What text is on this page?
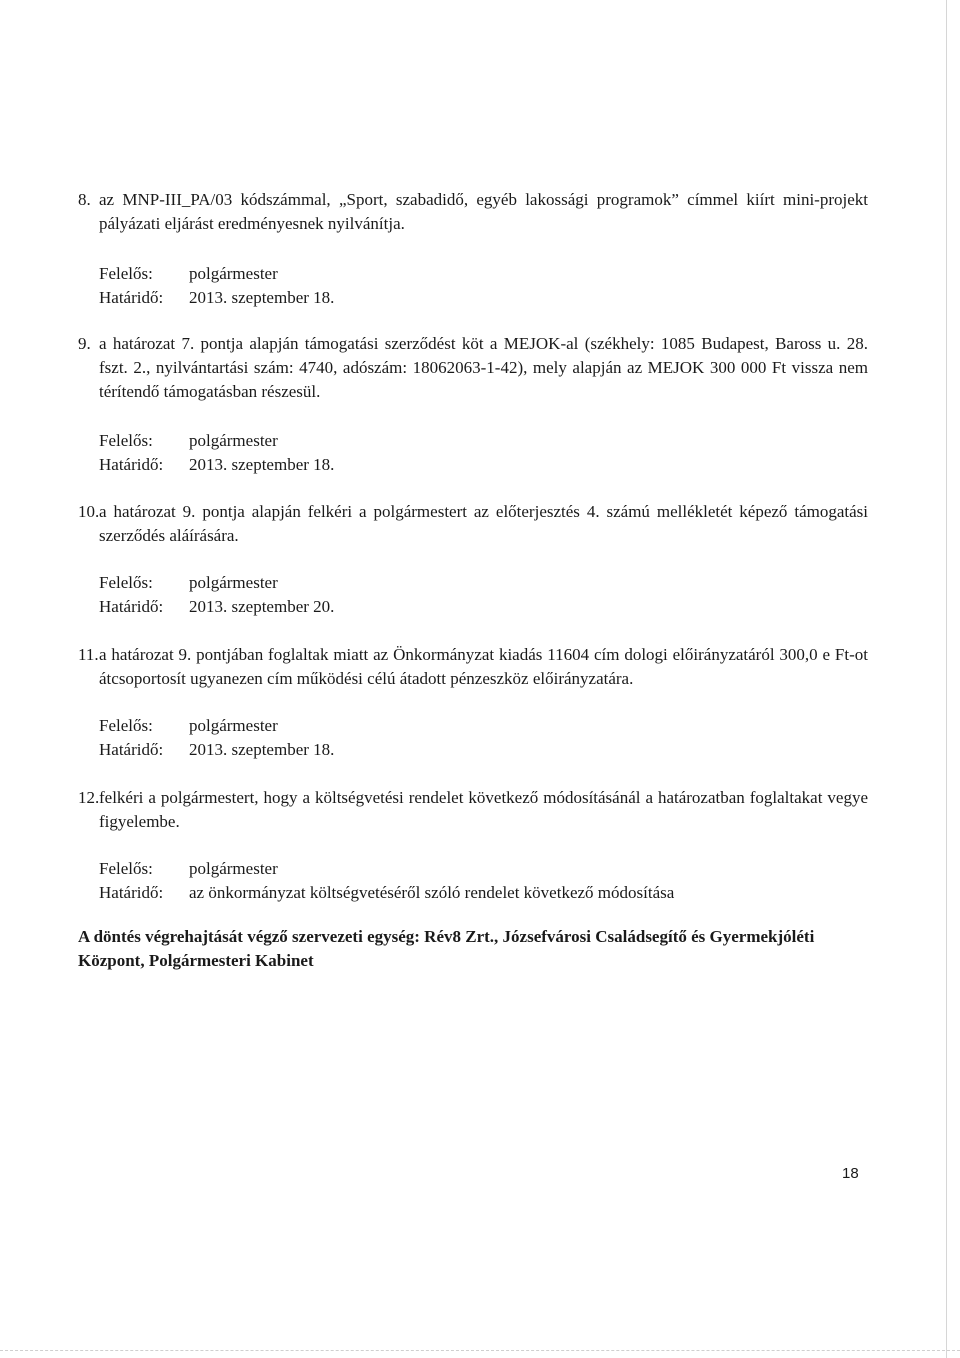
8. az MNP-III_PA/03 kódszámmal, „Sport, szabadidő, egyéb lakossági programok” címmel kiírt mini-projekt pályázati eljárást eredményesnek nyilvánítja.
Felelős: polgármester
Határidő: 2013. szeptember 18.
9. a határozat 7. pontja alapján támogatási szerződést köt a MEJOK-al (székhely: 1085 Budapest, Baross u. 28. fszt. 2., nyilvántartási szám: 4740, adószám: 18062063-1-42), mely alapján az MEJOK 300 000 Ft vissza nem térítendő támogatásban részesül.
Felelős: polgármester
Határidő: 2013. szeptember 18.
10. a határozat 9. pontja alapján felkéri a polgármestert az előterjesztés 4. számú mellékletét képező támogatási szerződés aláírására.
Felelős: polgármester
Határidő: 2013. szeptember 20.
11. a határozat 9. pontjában foglaltak miatt az Önkormányzat kiadás 11604 cím dologi előirányzatáról 300,0 e Ft-ot átcsoportosít ugyanezen cím működési célú átadott pénzeszköz előirányzatára.
Felelős: polgármester
Határidő: 2013. szeptember 18.
12. felkéri a polgármestert, hogy a költségvetési rendelet következő módosításánál a határozatban foglaltakat vegye figyelembe.
Felelős: polgármester
Határidő: az önkormányzat költségvetéséről szóló rendelet következő módosítása
A döntés végrehajtását végző szervezeti egység: Rév8 Zrt., Józsefvárosi Családsegítő és Gyermekjóléti Központ, Polgármesteri Kabinet
18
